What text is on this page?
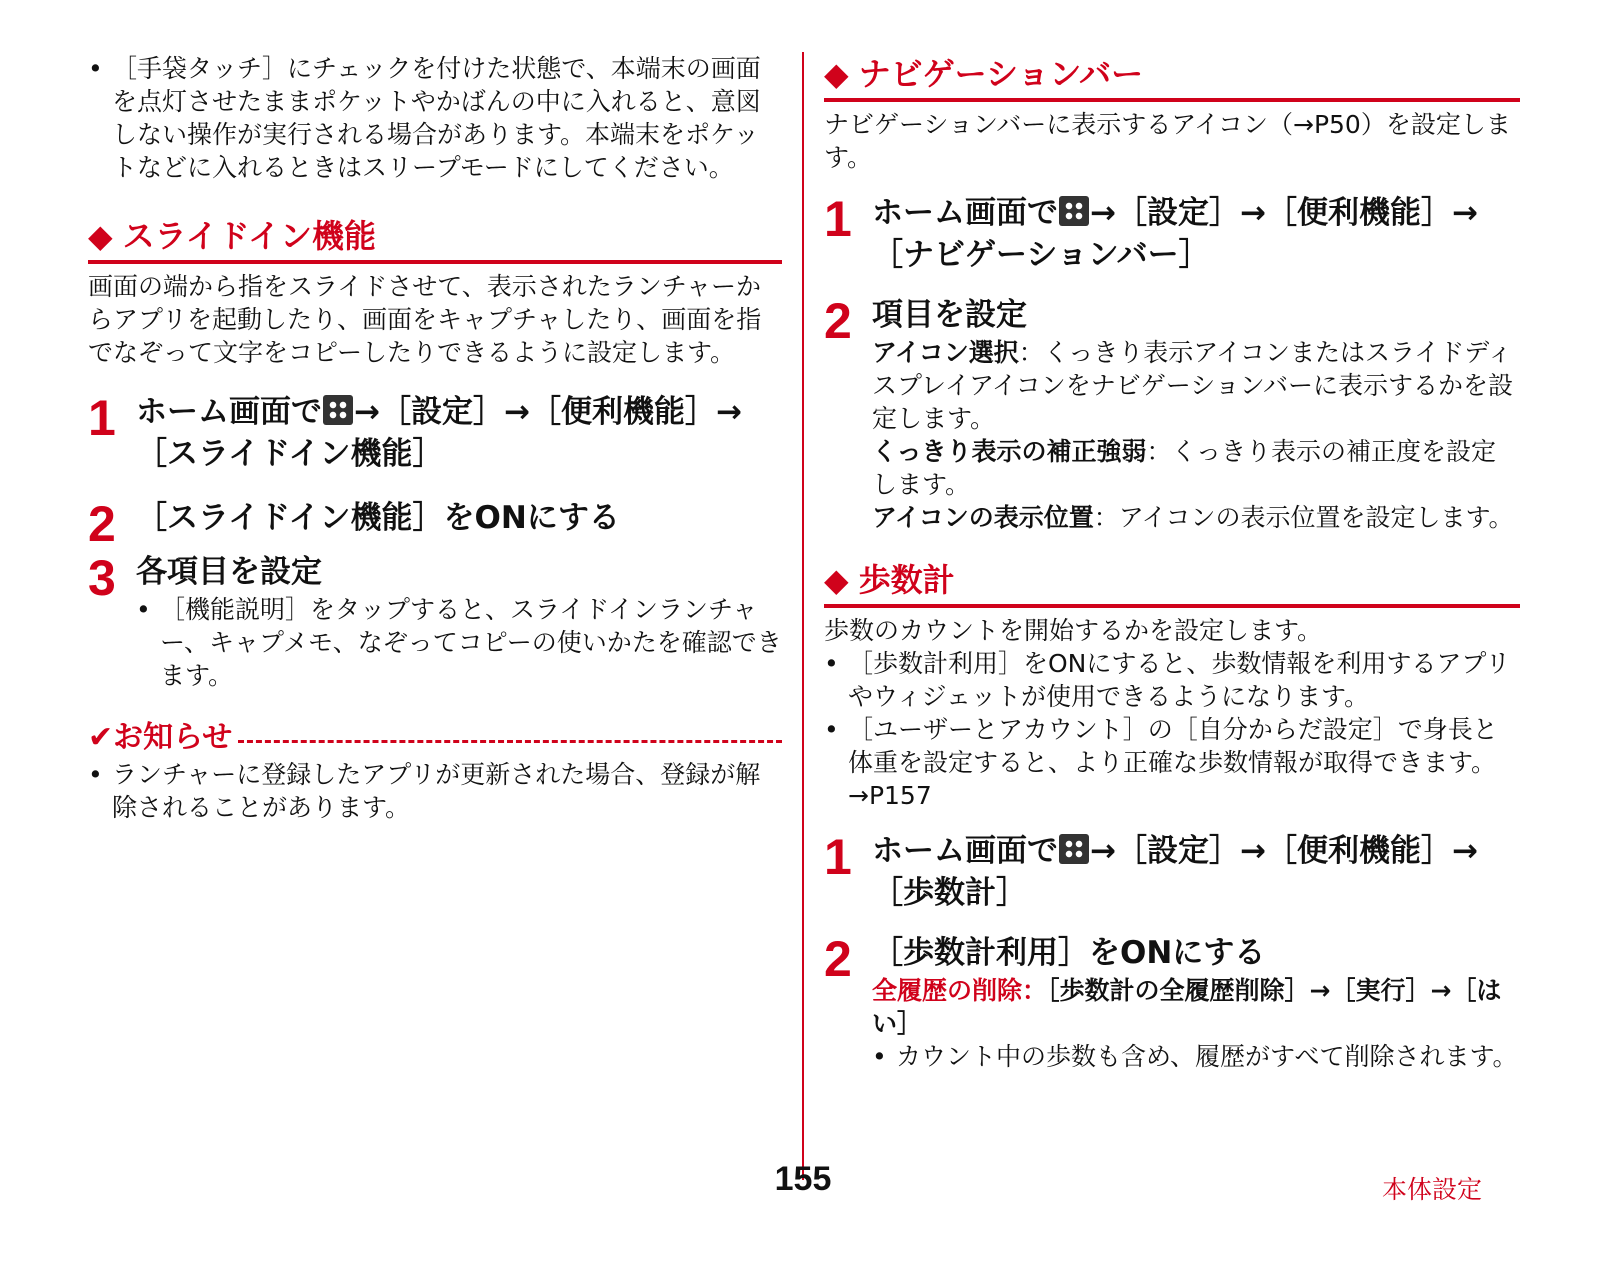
• ［手袋タッチ］にチェックを付けた状態で、本端末の画面を点灯させたままポケットやかばんの中に入れると、意図しない操作が実行される場合があります。本端末をポケットなどに入れるときはスリープモードにしてください。

◆ スライドイン機能

画面の端から指をスライドさせて、表示されたランチャーからアプリを起動したり、画面をキャプチャしたり、画面を指でなぞって文字をコピーしたりできるように設定します。

1 ホーム画面で →［設定］→［便利機能］→［スライドイン機能］

2 ［スライドイン機能］をONにする

3 各項目を設定

• ［機能説明］をタップすると、スライドインランチャー、キャプメモ、なぞってコピーの使いかたを確認できます。

✔お知らせ

• ランチャーに登録したアプリが更新された場合、登録が解除されることがあります。

◆ ナビゲーションバー

ナビゲーションバーに表示するアイコン（→P50）を設定します。

1 ホーム画面で →［設定］→［便利機能］→［ナビゲーションバー］

2 項目を設定

アイコン選択：くっきり表示アイコンまたはスライドディスプレイアイコンをナビゲーションバーに表示するかを設定します。

くっきり表示の補正強弱：くっきり表示の補正度を設定します。

アイコンの表示位置：アイコンの表示位置を設定します。

◆ 歩数計

歩数のカウントを開始するかを設定します。

• ［歩数計利用］をONにすると、歩数情報を利用するアプリやウィジェットが使用できるようになります。

• ［ユーザーとアカウント］の［自分からだ設定］で身長と体重を設定すると、より正確な歩数情報が取得できます。→P157

1 ホーム画面で →［設定］→［便利機能］→［歩数計］

2 ［歩数計利用］をONにする

全履歴の削除：［歩数計の全履歴削除］→［実行］→［はい］

• カウント中の歩数も含め、履歴がすべて削除されます。

155	本体設定
